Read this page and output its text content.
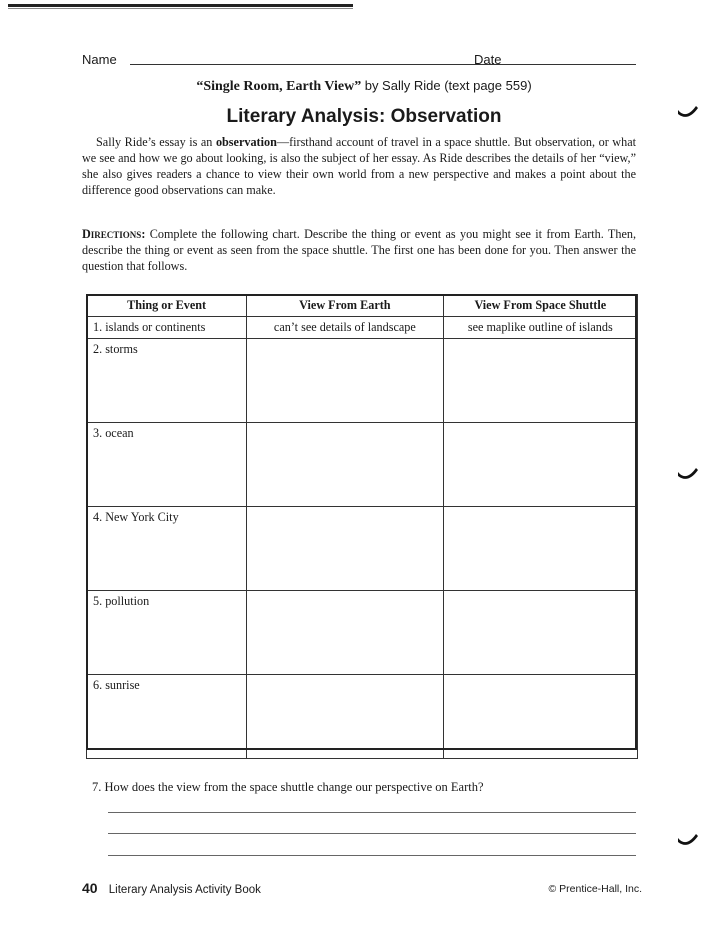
Name	Date
“Single Room, Earth View” by Sally Ride (text page 559)
Literary Analysis: Observation
Sally Ride’s essay is an observation—firsthand account of travel in a space shuttle. But observation, or what we see and how we go about looking, is also the subject of her essay. As Ride describes the details of her “view,” she also gives readers a chance to view their own world from a new perspective and makes a point about the difference good observations can make.
Directions: Complete the following chart. Describe the thing or event as you might see it from Earth. Then, describe the thing or event as seen from the space shuttle. The first one has been done for you. Then answer the question that follows.
Thing or Event	View From Earth	View From Space Shuttle
1. islands or continents	can’t see details of landscape	see maplike outline of islands
2. storms		
3. ocean		
4. New York City		
5. pollution		
6. sunrise		
7. How does the view from the space shuttle change our perspective on Earth?
40 Literary Analysis Activity Book	© Prentice-Hall, Inc.
